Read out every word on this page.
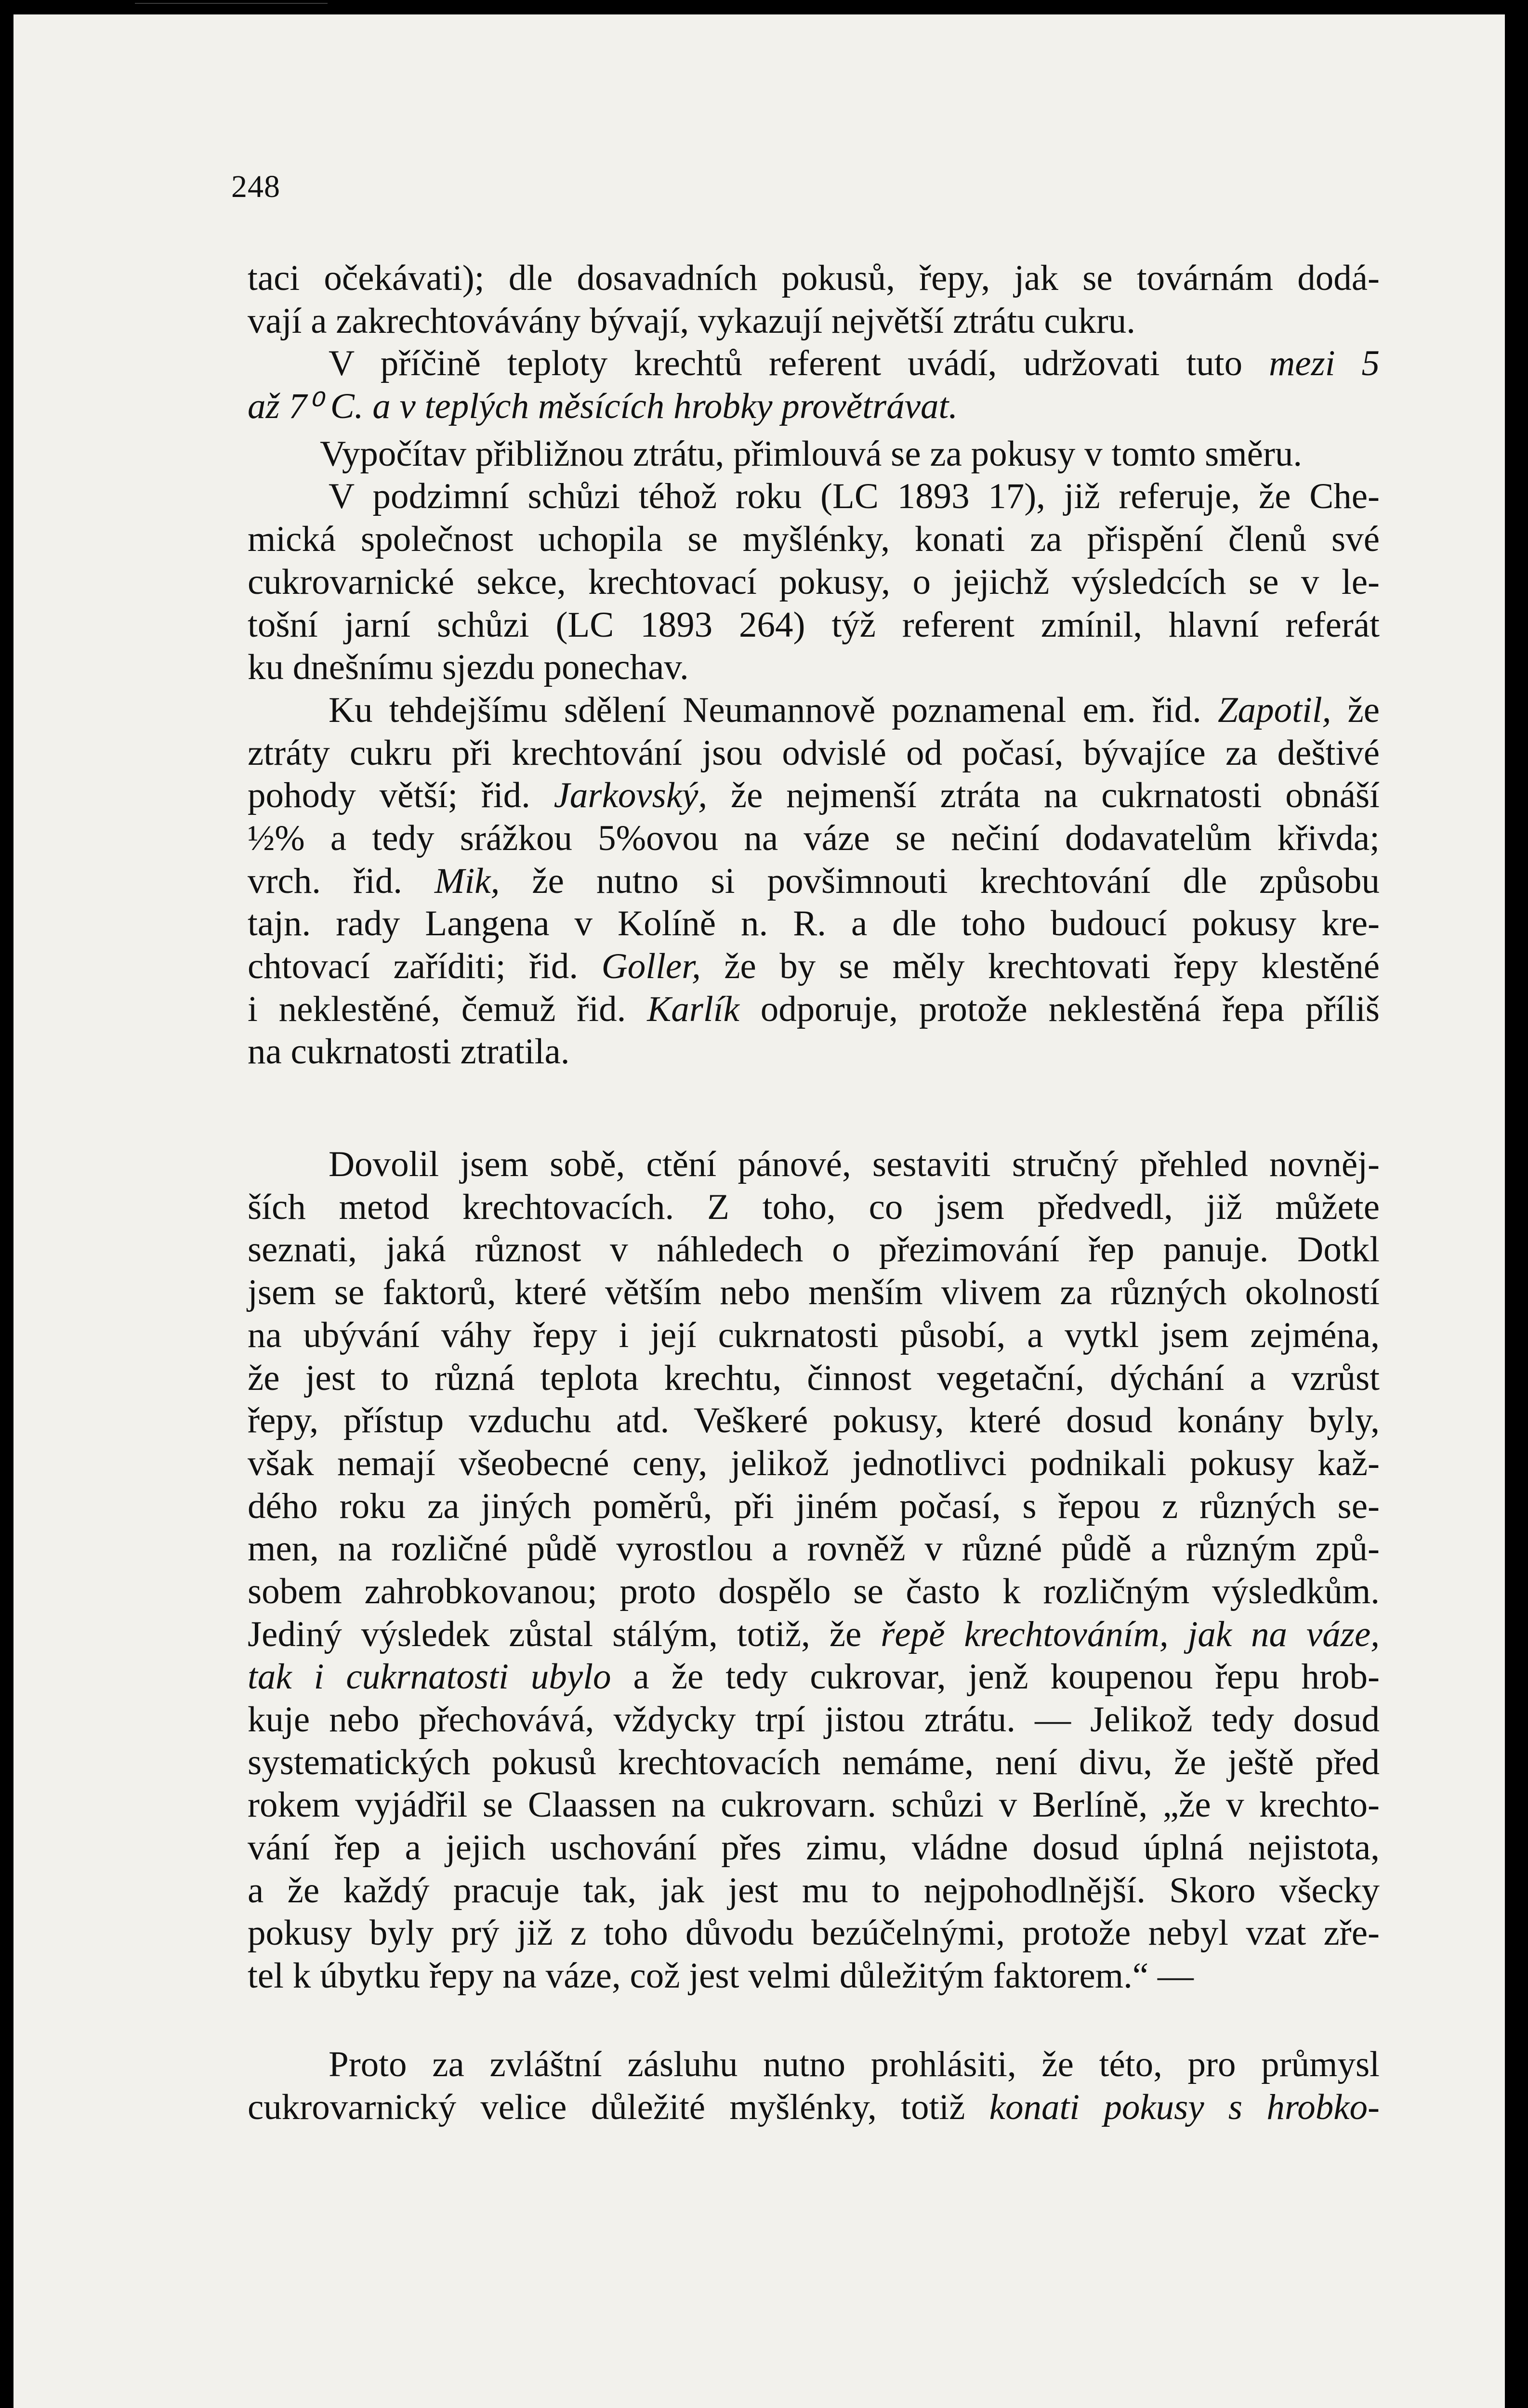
248
taci očekávati); dle dosavadních pokusů, řepy, jak se továrnám dodá-
vají a zakrechtovávány bývají, vykazují největší ztrátu cukru.
V příčině teploty krechtů referent uvádí, udržovati tuto mezi 5
až 7⁰ C. a v teplých měsících hrobky provětrávat.
Vypočítav přibližnou ztrátu, přimlouvá se za pokusy v tomto směru.
V podzimní schůzi téhož roku (LC 1893 17), již referuje, že Che-
mická společnost uchopila se myšlénky, konati za přispění členů své
cukrovarnické sekce, krechtovací pokusy, o jejichž výsledcích se v le-
tošní jarní schůzi (LC 1893 264) týž referent zmínil, hlavní referát
ku dnešnímu sjezdu ponechav.
Ku tehdejšímu sdělení Neumannově poznamenal em. řid. Zapotil, že
ztráty cukru při krechtování jsou odvislé od počasí, bývajíce za deštivé
pohody větší; řid. Jarkovský, že nejmenší ztráta na cukrnatosti obnáší
½% a tedy srážkou 5%ovou na váze se nečiní dodavatelům křivda;
vrch. řid. Mik, že nutno si povšimnouti krechtování dle způsobu
tajn. rady Langena v Kolíně n. R. a dle toho budoucí pokusy kre-
chtovací zaříditi; řid. Goller, že by se měly krechtovati řepy klestěné
i neklestěné, čemuž řid. Karlík odporuje, protože neklestěná řepa příliš
na cukrnatosti ztratila.
Dovolil jsem sobě, ctění pánové, sestaviti stručný přehled novněj-
ších metod krechtovacích. Z toho, co jsem předvedl, již můžete
seznati, jaká různost v náhledech o přezimování řep panuje. Dotkl
jsem se faktorů, které větším nebo menším vlivem za různých okolností
na ubývání váhy řepy i její cukrnatosti působí, a vytkl jsem zejména,
že jest to různá teplota krechtu, činnost vegetační, dýchání a vzrůst
řepy, přístup vzduchu atd. Veškeré pokusy, které dosud konány byly,
však nemají všeobecné ceny, jelikož jednotlivci podnikali pokusy kaž-
dého roku za jiných poměrů, při jiném počasí, s řepou z různých se-
men, na rozličné půdě vyrostlou a rovněž v různé půdě a různým způ-
sobem zahrobkovanou; proto dospělo se často k rozličným výsledkům.
Jediný výsledek zůstal stálým, totiž, že řepě krechtováním, jak na váze,
tak i cukrnatosti ubylo a že tedy cukrovar, jenž koupenou řepu hrob-
kuje nebo přechovává, vždycky trpí jistou ztrátu. — Jelikož tedy dosud
systematických pokusů krechtovacích nemáme, není divu, že ještě před
rokem vyjádřil se Claassen na cukrovarn. schůzi v Berlíně, „že v krechto-
vání řep a jejich uschování přes zimu, vládne dosud úplná nejistota,
a že každý pracuje tak, jak jest mu to nejpohodlnější. Skoro všecky
pokusy byly prý již z toho důvodu bezúčelnými, protože nebyl vzat zře-
tel k úbytku řepy na váze, což jest velmi důležitým faktorem.“ —
Proto za zvláštní zásluhu nutno prohlásiti, že této, pro průmysl
cukrovarnický velice důležité myšlénky, totiž konati pokusy s hrobko-
